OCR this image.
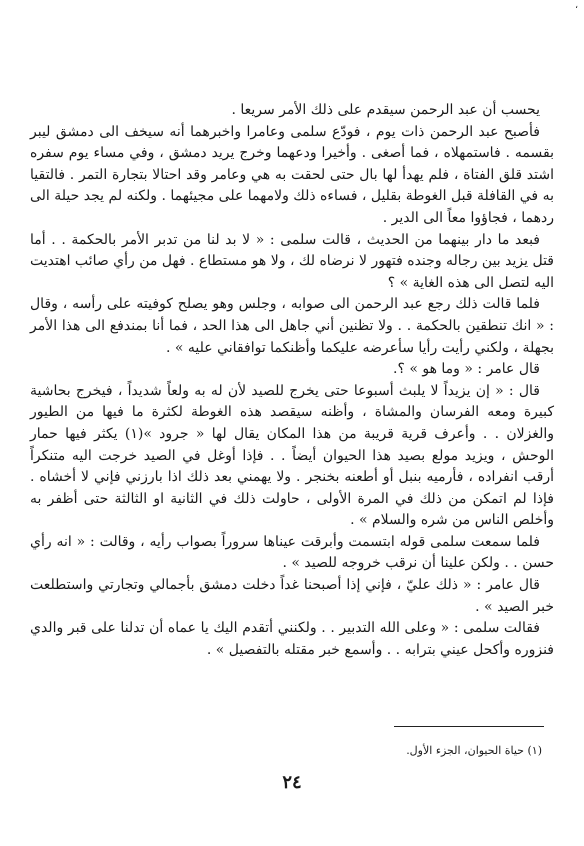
،

يحسب أن عبد الرحمن سيقدم على ذلك الأمر سريعا .

فأصبح عبد الرحمن ذات يوم ، فودّع سلمى وعامرا واخبرهما أنه سيخف الى دمشق ليبر بقسمه . فاستمهلاه ، فما أصغى . وأخيرا ودعهما وخرج يريد دمشق ، وفي مساء يوم سفره اشتد قلق الفتاة ، فلم يهدأ لها بال حتى لحقت به هي وعامر وقد احتالا بتجارة التمر . فالتقيا به في القافلة قبل الغوطة بقليل ، فساءه ذلك ولامهما على مجيئهما . ولكنه لم يجد حيلة الى ردهما ، فجاؤوا معاً الى الدير .

فبعد ما دار بينهما من الحديث ، قالت سلمى : « لا بد لنا من تدبر الأمر بالحكمة . . أما قتل يزيد بين رجاله وجنده فتهور لا نرضاه لك ، ولا هو مستطاع . فهل من رأي صائب اهتديت اليه لتصل الى هذه الغاية » ؟

فلما قالت ذلك رجع عبد الرحمن الى صوابه ، وجلس وهو يصلح كوفيته على رأسه ، وقال : « انك تنطقين بالحكمة . . ولا تظنين أني جاهل الى هذا الحد ، فما أنا بمندفع الى هذا الأمر بجهلة ، ولكني رأيت رأيا سأعرضه عليكما وأظنكما توافقاني عليه » .

قال عامر : « وما هو » ؟.

قال : « إن يزيداً لا يلبث أسبوعا حتى يخرج للصيد لأن له به ولعاً شديداً ، فيخرج بحاشية كبيرة ومعه الفرسان والمشاة ، وأظنه سيقصد هذه الغوطة لكثرة ما فيها من الطيور والغزلان . . وأعرف قرية قريبة من هذا المكان يقال لها « جرود »(١) يكثر فيها حمار الوحش ، ويزيد مولع بصيد هذا الحيوان أيضاً . . فإذا أوغل في الصيد خرجت اليه متنكراً أرقب انفراده ، فأرميه بنبل أو أطعنه بخنجر . ولا يهمني بعد ذلك اذا بارزني فإني لا أخشاه . فإذا لم اتمكن من ذلك في المرة الأولى ، حاولت ذلك في الثانية او الثالثة حتى أظفر به وأخلص الناس من شره والسلام » .

فلما سمعت سلمى قوله ابتسمت وأبرقت عيناها سروراً بصواب رأيه ، وقالت : « انه رأي حسن . . ولكن علينا أن نرقب خروجه للصيد » .

قال عامر : « ذلك عليّ ، فإني إذا أصبحنا غداً دخلت دمشق بأجمالي وتجارتي واستطلعت خبر الصيد » .

فقالت سلمى : « وعلى الله التدبير . . ولكنني أتقدم اليك يا عماه أن تدلنا على قبر والدي فنزوره وأكحل عيني بترابه . . وأسمع خبر مقتله بالتفصيل » .

(١) حياة الحيوان، الجزء الأول.
٢٤
